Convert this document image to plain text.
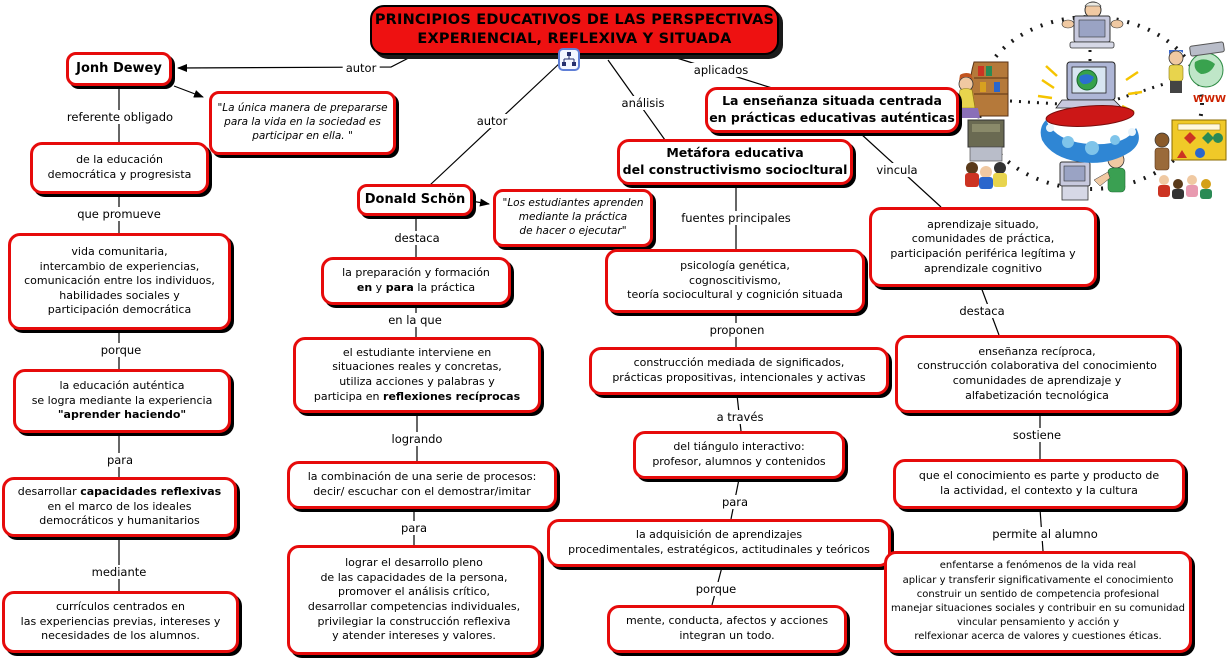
WWW
PRINCIPIOS EDUCATIVOS DE LAS PERSPECTIVAS
EXPERIENCIAL, REFLEXIVA Y SITUADA
Jonh Dewey
"La única manera de prepararse
para la vida en la sociedad es
participar en ella. "
de la educación
democrática y progresista
vida comunitaria,
intercambio de experiencias,
comunicación entre los individuos,
habilidades sociales y
participación democrática
la educación auténtica
se logra mediante la experiencia
"aprender haciendo"
desarrollar capacidades reflexivas
en el marco de los ideales
democráticos y humanitarios
currículos centrados en
las experiencias previas, intereses y
necesidades de los alumnos.
Donald Schön	"Los estudiantes aprenden
mediante la práctica
de hacer o ejecutar"
la preparación y formación
en y para la práctica
el estudiante interviene en
situaciones reales y concretas,
utiliza acciones y palabras y
participa en reflexiones recíprocas
la combinación de una serie de procesos:
decir/ escuchar con el demostrar/imitar
lograr el desarrollo pleno
de las capacidades de la persona,
promover el análisis crítico,
desarrollar competencias individuales,
privilegiar la construcción reflexiva
y atender intereses y valores.
Metáfora educativa
del constructivismo sociocltural
psicología genética,
cognoscitivismo,
teoría sociocultural y cognición situada
construcción mediada de significados,
prácticas propositivas, intencionales y activas
del tiángulo interactivo:
profesor, alumnos y contenidos
la adquisición de aprendizajes
procedimentales, estratégicos, actitudinales y teóricos
mente, conducta, afectos y acciones
integran un todo.
La enseñanza situada centrada
en prácticas educativas auténticas
aprendizaje situado,
comunidades de práctica,
participación periférica legítima y
aprendizale cognitivo
enseñanza recíproca,
construcción colaborativa del conocimiento
comunidades de aprendizaje y
alfabetización tecnológica
que el conocimiento es parte y producto de
la actividad, el contexto y la cultura
enfentarse a fenómenos de la vida real
aplicar y transferir significativamente el conocimiento
construir un sentido de competencia profesional
manejar situaciones sociales y contribuir en su comunidad
vincular pensamiento y acción y
relfexionar acerca de valores y cuestiones éticas.
autor
autor
análisis
aplicados
referente obligado
que promueve
porque
para
mediante
destaca
en la que
logrando
para
fuentes principales
proponen
a través
para
porque
vincula
destaca
sostiene
permite al alumno
